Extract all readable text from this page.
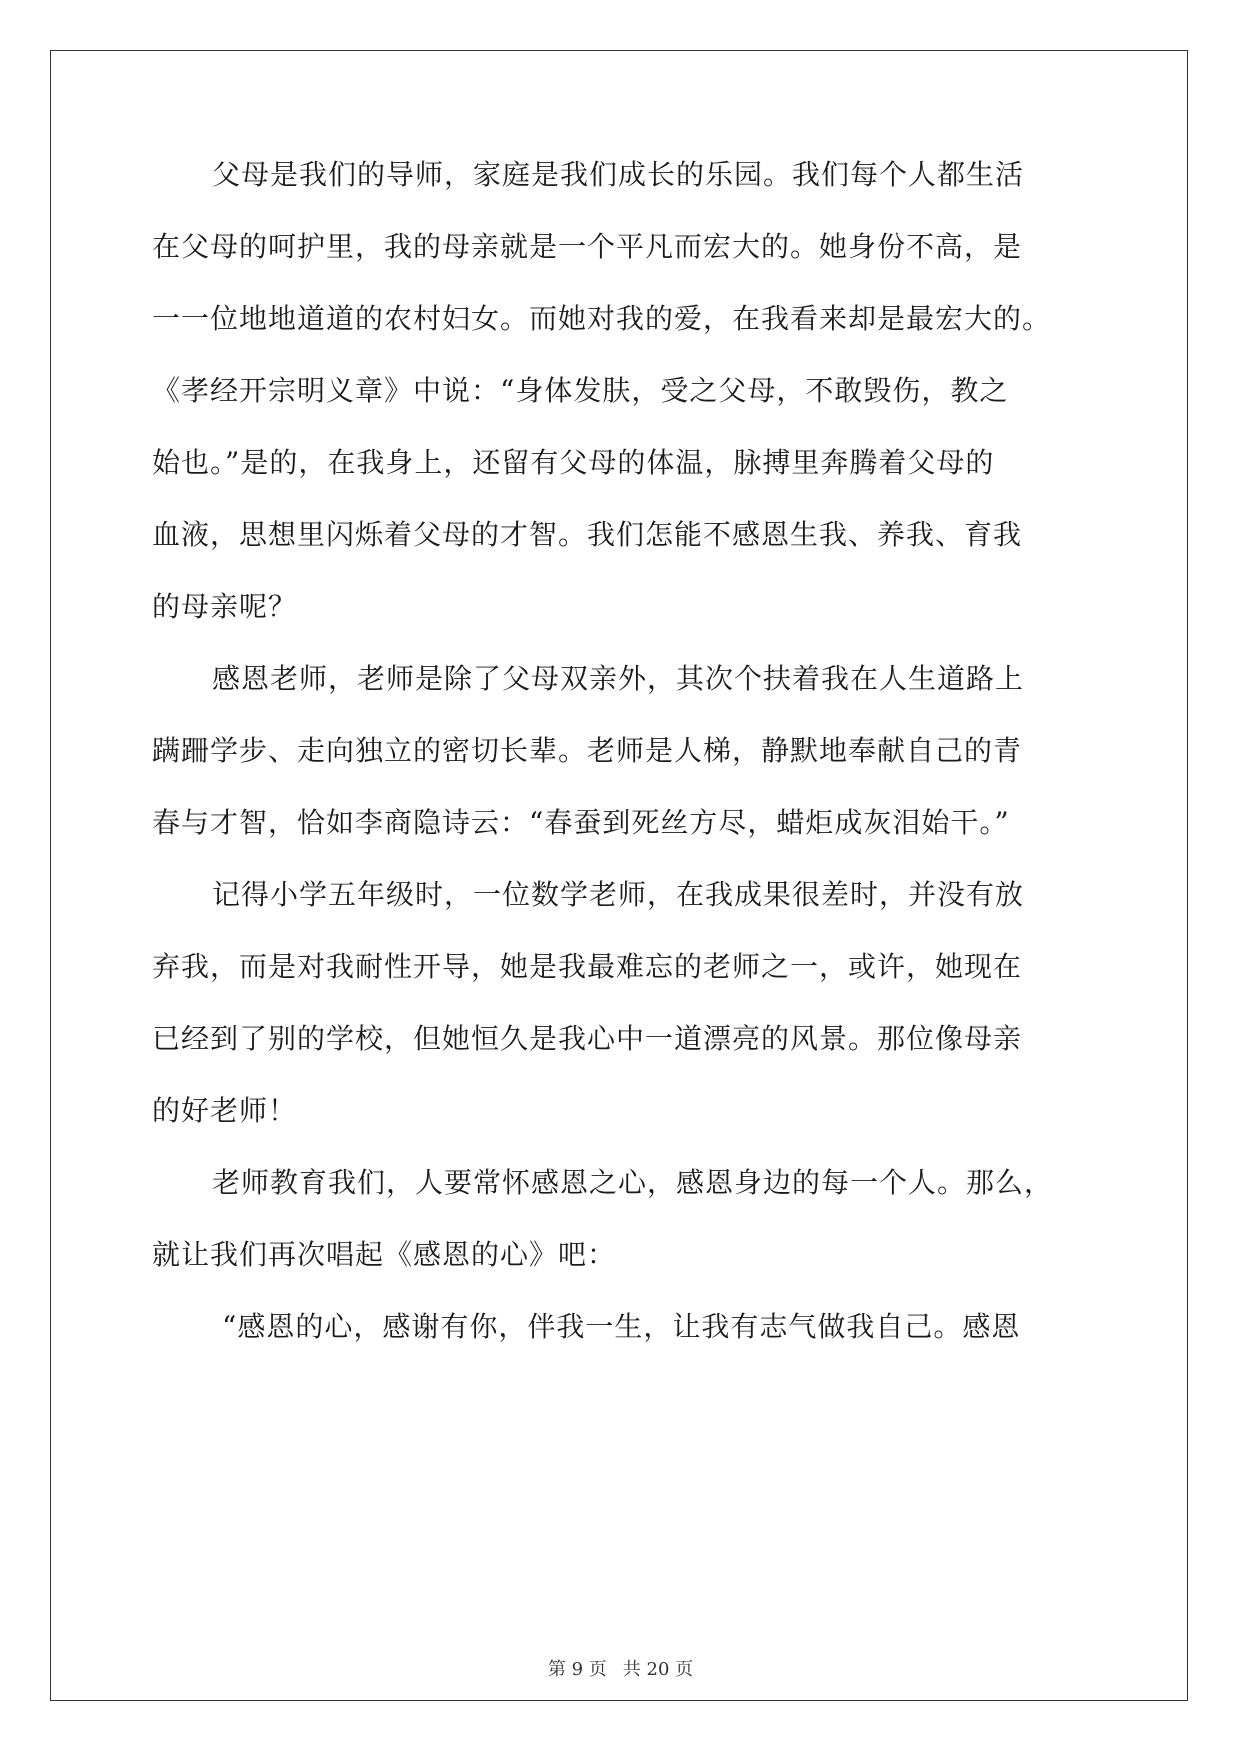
父母是我们的导师，家庭是我们成长的乐园。我们每个人都生活
在父母的呵护里，我的母亲就是一个平凡而宏大的。她身份不高，是
一一位地地道道的农村妇女。而她对我的爱，在我看来却是最宏大的。
《孝经开宗明义章》中说：“身体发肤，受之父母，不敢毁伤，教之
始也。”是的，在我身上，还留有父母的体温，脉搏里奔腾着父母的
血液，思想里闪烁着父母的才智。我们怎能不感恩生我、养我、育我
的母亲呢？
感恩老师，老师是除了父母双亲外，其次个扶着我在人生道路上
蹒跚学步、走向独立的密切长辈。老师是人梯，静默地奉献自己的青
春与才智，恰如李商隐诗云：“春蚕到死丝方尽，蜡炬成灰泪始干。”
记得小学五年级时，一位数学老师，在我成果很差时，并没有放
弃我，而是对我耐性开导，她是我最难忘的老师之一，或许，她现在
已经到了别的学校，但她恒久是我心中一道漂亮的风景。那位像母亲
的好老师！
老师教育我们，人要常怀感恩之心，感恩身边的每一个人。那么，
就让我们再次唱起《感恩的心》吧：
“感恩的心，感谢有你，伴我一生，让我有志气做我自己。感恩
第 9 页 共 20 页
